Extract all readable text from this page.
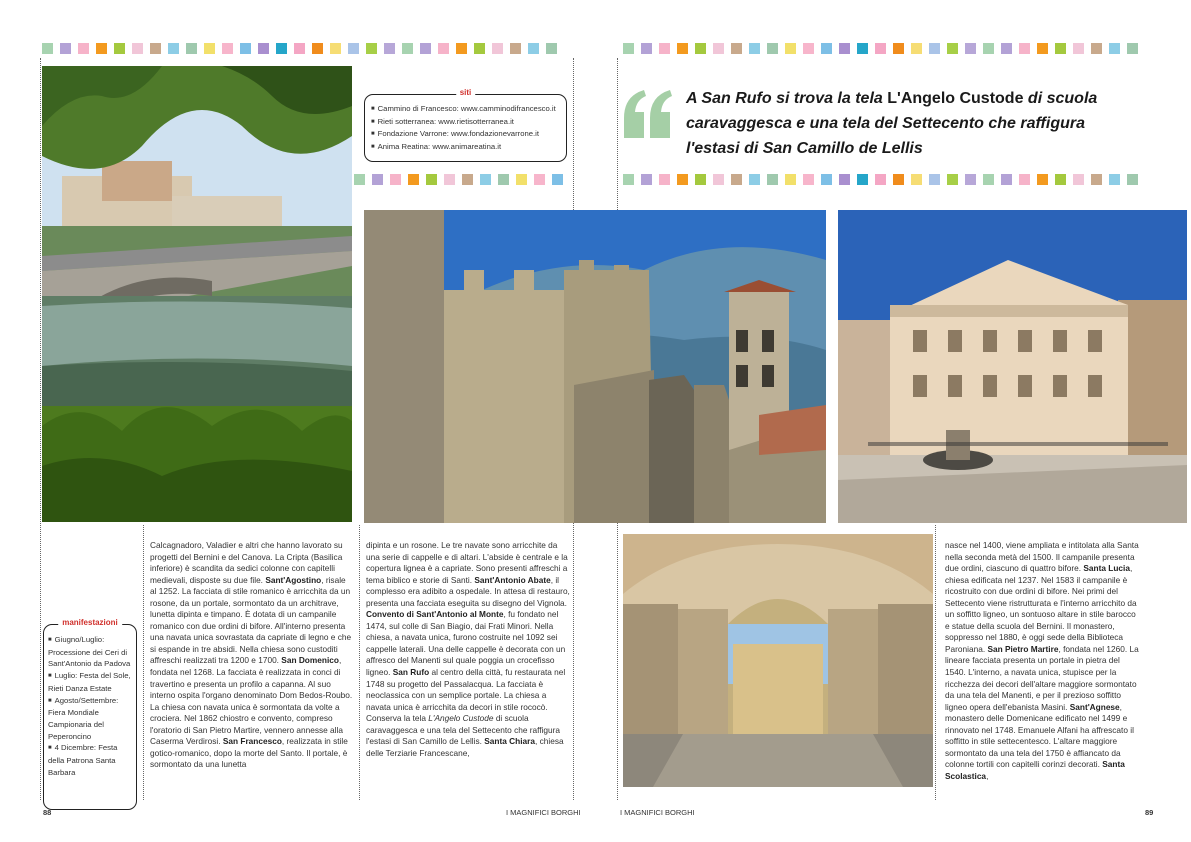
siti
■ Cammino di Francesco: www.camminodifrancesco.it
■ Rieti sotterranea: www.rietisotterranea.it
■ Fondazione Varrone: www.fondazionevarrone.it
■ Anima Reatina: www.animareatina.it
manifestazioni
■ Giugno/Luglio: Processione dei Ceri di Sant'Antonio da Padova
■ Luglio: Festa del Sole, Rieti Danza Estate
■ Agosto/Settembre: Fiera Mondiale Campionaria del Peperoncino
■ 4 Dicembre: Festa della Patrona Santa Barbara
A San Rufo si trova la tela L'Angelo Custode di scuola caravaggesca e una tela del Settecento che raffigura l'estasi di San Camillo de Lellis
Calcagnadoro, Valadier e altri che hanno lavorato su progetti del Bernini e del Canova. La Cripta (Basilica inferiore) è scandita da sedici colonne con capitelli medievali, disposte su due file. Sant'Agostino, risale al 1252. La facciata di stile romanico è arricchita da un rosone, da un portale, sormontato da un architrave, lunetta dipinta e timpano. È dotata di un campanile romanico con due ordini di bifore. All'interno presenta una navata unica sovrastata da capriate di legno e che si espande in tre absidi. Nella chiesa sono custoditi affreschi realizzati tra 1200 e 1700. San Domenico, fondata nel 1268. La facciata è realizzata in conci di travertino e presenta un profilo a capanna. Al suo interno ospita l'organo denominato Dom Bedos-Roubo. La chiesa con navata unica è sormontata da volte a crociera. Nel 1862 chiostro e convento, compreso l'oratorio di San Pietro Martire, vennero annesse alla Caserma Verdirosi. San Francesco, realizzata in stile gotico-romanico, dopo la morte del Santo. Il portale, è sormontato da una lunetta
dipinta e un rosone. Le tre navate sono arricchite da una serie di cappelle e di altari. L'abside è centrale e la copertura lignea è a capriate. Sono presenti affreschi a tema biblico e storie di Santi. Sant'Antonio Abate, il complesso era adibito a ospedale. In attesa di restauro, presenta una facciata eseguita su disegno del Vignola. Convento di Sant'Antonio al Monte, fu fondato nel 1474, sul colle di San Biagio, dai Frati Minori. Nella chiesa, a navata unica, furono costruite nel 1092 sei cappelle laterali. Una delle cappelle è decorata con un affresco del Manenti sul quale poggia un crocefisso ligneo. San Rufo al centro della città, fu restaurata nel 1748 su progetto del Passalacqua. La facciata è neoclassica con un semplice portale. La chiesa a navata unica è arricchita da decori in stile rococò. Conserva la tela L'Angelo Custode di scuola caravaggesca e una tela del Settecento che raffigura l'estasi di San Camillo de Lellis. Santa Chiara, chiesa delle Terziarie Francescane,
nasce nel 1400, viene ampliata e intitolata alla Santa nella seconda metà del 1500. Il campanile presenta due ordini, ciascuno di quattro bifore. Santa Lucia, chiesa edificata nel 1237. Nel 1583 il campanile è ricostruito con due ordini di bifore. Nei primi del Settecento viene ristrutturata e l'interno arricchito da un soffitto ligneo, un sontuoso altare in stile barocco e statue della scuola del Bernini. Il monastero, soppresso nel 1880, è oggi sede della Biblioteca Paroniana. San Pietro Martire, fondata nel 1260. La lineare facciata presenta un portale in pietra del 1540. L'interno, a navata unica, stupisce per la ricchezza dei decori dell'altare maggiore sormontato da una tela del Manenti, e per il prezioso soffitto ligneo opera dell'ebanista Masini. Sant'Agnese, monastero delle Domenicane edificato nel 1499 e rinnovato nel 1748. Emanuele Alfani ha affrescato il soffitto in stile settecentesco. L'altare maggiore sormontato da una tela del 1750 è affiancato da colonne tortili con capitelli corinzi decorati. Santa Scolastica,
88	I MAGNIFICI BORGHI	I MAGNIFICI BORGHI	89
